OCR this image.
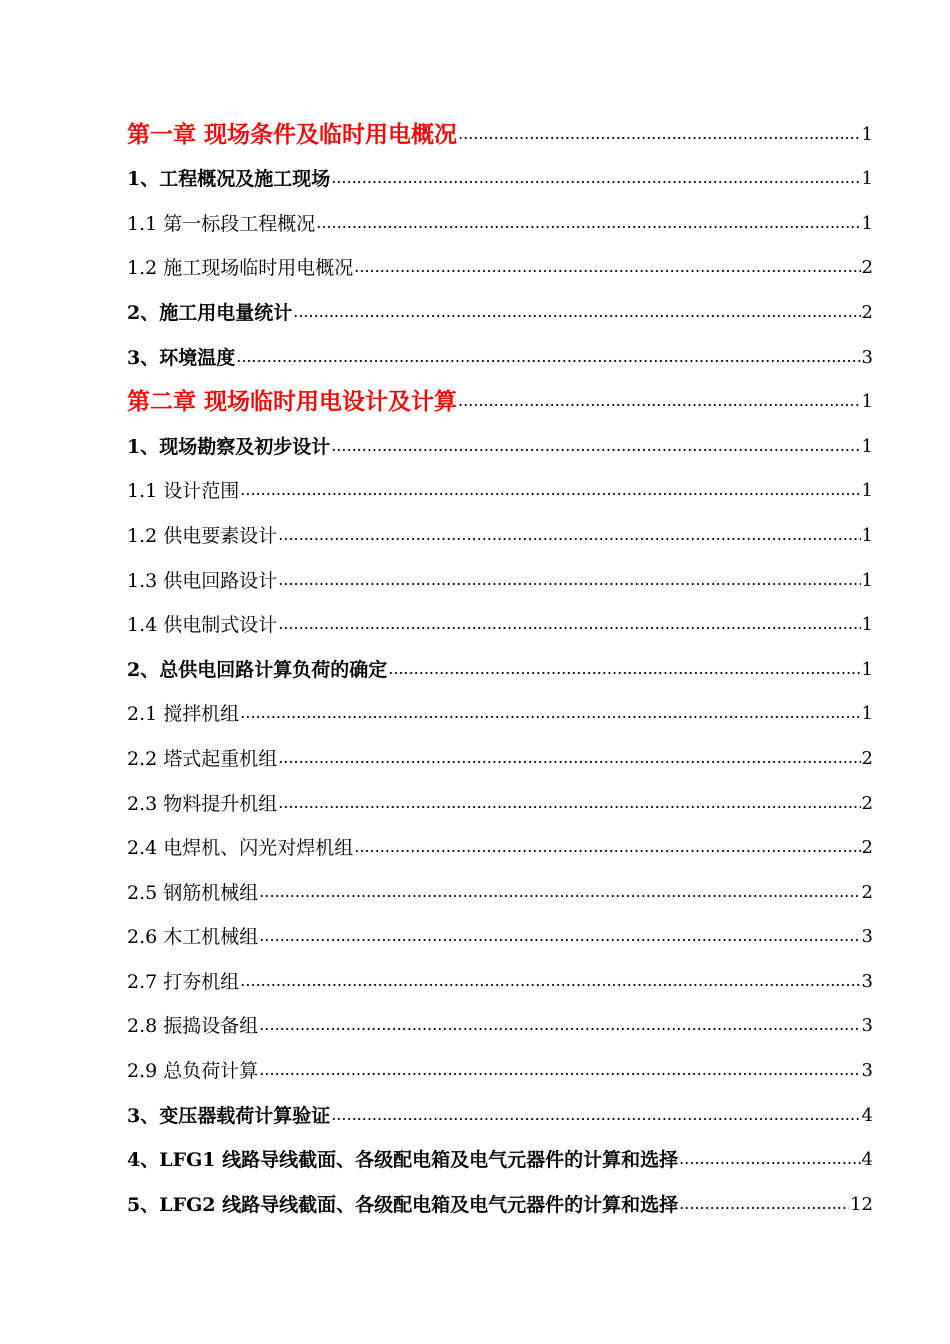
第一章 现场条件及临时用电概况 .....	1
1、工程概况及施工现场 .....	1
1.1 第一标段工程概况 .....	1
1.2 施工现场临时用电概况 .....	2
2、施工用电量统计 .....	2
3、环境温度 .....	3
第二章 现场临时用电设计及计算 .....	1
1、现场勘察及初步设计 .....	1
1.1 设计范围 .....	1
1.2 供电要素设计 .....	1
1.3 供电回路设计 .....	1
1.4 供电制式设计 .....	1
2、总供电回路计算负荷的确定 .....	1
2.1 搅拌机组 .....	1
2.2 塔式起重机组 .....	2
2.3 物料提升机组 .....	2
2.4 电焊机、闪光对焊机组 .....	2
2.5 钢筋机械组 .....	2
2.6 木工机械组 .....	3
2.7 打夯机组 .....	3
2.8 振捣设备组 .....	3
2.9 总负荷计算 .....	3
3、变压器载荷计算验证 .....	4
4、LFG1 线路导线截面、各级配电箱及电气元器件的计算和选择 .....	4
5、LFG2 线路导线截面、各级配电箱及电气元器件的计算和选择 .....	12
